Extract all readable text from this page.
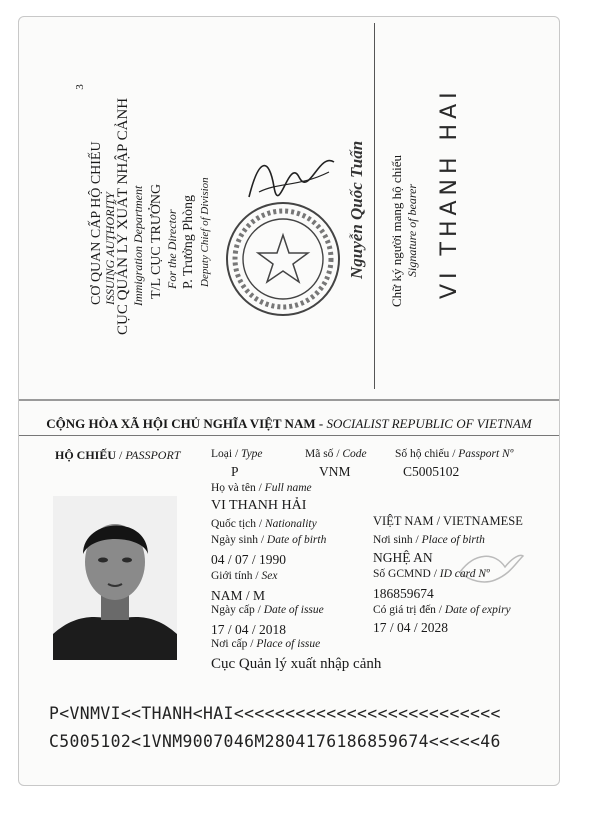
3
CƠ QUAN CẤP HỘ CHIẾU ISSUING AUTHORITY
CỤC QUẢN LÝ XUẤT NHẬP CẢNH Immigration Department T/L CỤC TRƯỞNG For the Director P. Trưởng Phòng Deputy Chief of Division	Nguyễn Quốc Tuấn Chữ ký người mang hộ chiếu Signature of bearer VI THANH HAI
CỘNG HÒA XÃ HỘI CHỦ NGHĨA VIỆT NAM - SOCIALIST REPUBLIC OF VIETNAM
HỘ CHIẾU / PASSPORT	Loại / Type
P
Mã số / Code
VNM
Số hộ chiếu / Passport Nº
C5005102
Họ và tên / Full name
VI THANH HẢI
Quốc tịch / Nationality	VIỆT NAM / VIETNAMESE
Ngày sinh / Date of birth	Nơi sinh / Place of birth
04 / 07 / 1990	NGHỆ AN
Giới tính / Sex	Số GCMND / ID card Nº
NAM / M	186859674
Ngày cấp / Date of issue	Có giá trị đến / Date of expiry
17 / 04 / 2018	17 / 04 / 2028
Nơi cấp / Place of issue
Cục Quản lý xuất nhập cảnh
P<VNMVI<<THANH<HAI<<<<<<<<<<<<<<<<<<<<<<<<<<
C5005102<1VNM9007046M2804176186859674<<<<<46
